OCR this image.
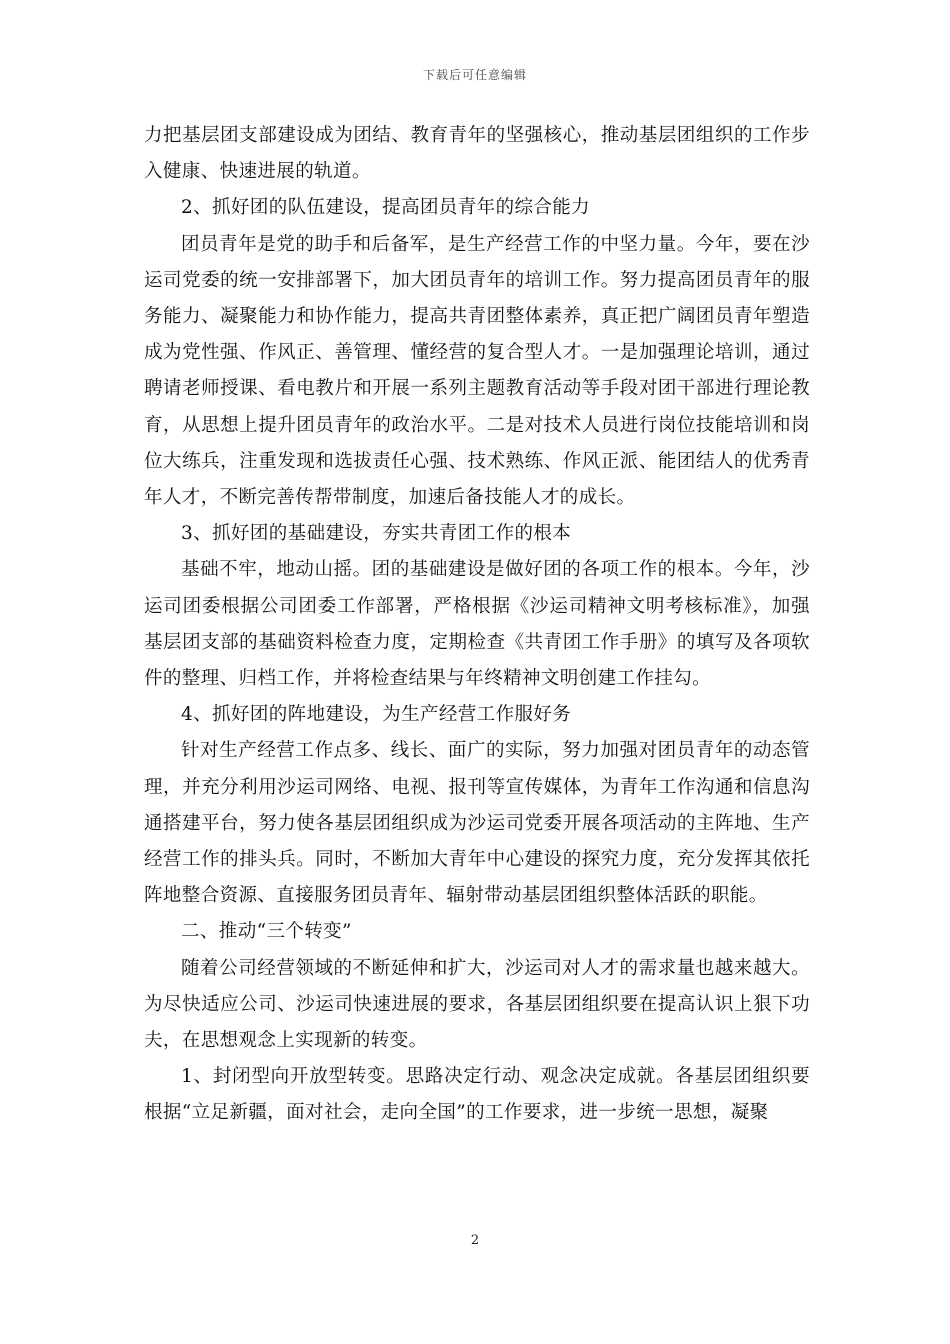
下载后可任意编辑

力把基层团支部建设成为团结、教育青年的坚强核心，推动基层团组织的工作步入健康、快速进展的轨道。

2、抓好团的队伍建设，提高团员青年的综合能力

团员青年是党的助手和后备军，是生产经营工作的中坚力量。今年，要在沙运司党委的统一安排部署下，加大团员青年的培训工作。努力提高团员青年的服务能力、凝聚能力和协作能力，提高共青团整体素养，真正把广阔团员青年塑造成为党性强、作风正、善管理、懂经营的复合型人才。一是加强理论培训，通过聘请老师授课、看电教片和开展一系列主题教育活动等手段对团干部进行理论教育，从思想上提升团员青年的政治水平。二是对技术人员进行岗位技能培训和岗位大练兵，注重发现和选拔责任心强、技术熟练、作风正派、能团结人的优秀青年人才，不断完善传帮带制度，加速后备技能人才的成长。

3、抓好团的基础建设，夯实共青团工作的根本

基础不牢，地动山摇。团的基础建设是做好团的各项工作的根本。今年，沙运司团委根据公司团委工作部署，严格根据《沙运司精神文明考核标准》，加强基层团支部的基础资料检查力度，定期检查《共青团工作手册》的填写及各项软件的整理、归档工作，并将检查结果与年终精神文明创建工作挂勾。

4、抓好团的阵地建设，为生产经营工作服好务

针对生产经营工作点多、线长、面广的实际，努力加强对团员青年的动态管理，并充分利用沙运司网络、电视、报刊等宣传媒体，为青年工作沟通和信息沟通搭建平台，努力使各基层团组织成为沙运司党委开展各项活动的主阵地、生产经营工作的排头兵。同时，不断加大青年中心建设的探究力度，充分发挥其依托阵地整合资源、直接服务团员青年、辐射带动基层团组织整体活跃的职能。

二、推动“三个转变”

随着公司经营领域的不断延伸和扩大，沙运司对人才的需求量也越来越大。为尽快适应公司、沙运司快速进展的要求，各基层团组织要在提高认识上狠下功夫，在思想观念上实现新的转变。

1、封闭型向开放型转变。思路决定行动、观念决定成就。各基层团组织要根据“立足新疆，面对社会，走向全国”的工作要求，进一步统一思想，凝聚

2
